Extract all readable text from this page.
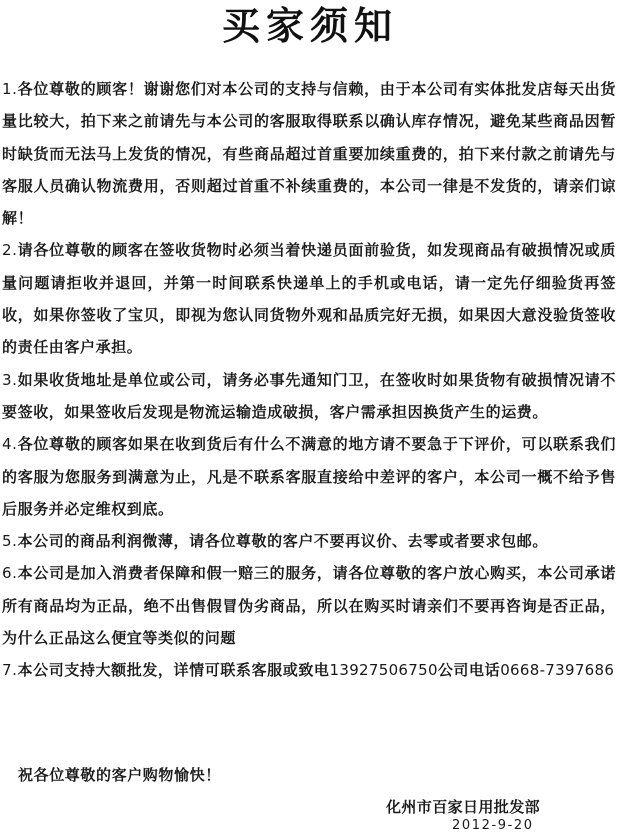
买家须知

1.各位尊敬的顾客！谢谢您们对本公司的支持与信赖，由于本公司有实体批发店每天出货量比较大，拍下来之前请先与本公司的客服取得联系以确认库存情况，避免某些商品因暂时缺货而无法马上发货的情况，有些商品超过首重要加续重费的，拍下来付款之前请先与客服人员确认物流费用，否则超过首重不补续重费的，本公司一律是不发货的，请亲们谅解！

2.请各位尊敬的顾客在签收货物时必须当着快递员面前验货，如发现商品有破损情况或质量问题请拒收并退回，并第一时间联系快递单上的手机或电话，请一定先仔细验货再签收，如果你签收了宝贝，即视为您认同货物外观和品质完好无损，如果因大意没验货签收的责任由客户承担。

3.如果收货地址是单位或公司，请务必事先通知门卫，在签收时如果货物有破损情况请不要签收，如果签收后发现是物流运输造成破损，客户需承担因换货产生的运费。

4.各位尊敬的顾客如果在收到货后有什么不满意的地方请不要急于下评价，可以联系我们的客服为您服务到满意为止，凡是不联系客服直接给中差评的客户，本公司一概不给予售后服务并必定维权到底。

5.本公司的商品利润微薄，请各位尊敬的客户不要再议价、去零或者要求包邮。

6.本公司是加入消费者保障和假一赔三的服务，请各位尊敬的客户放心购买，本公司承诺所有商品均为正品，绝不出售假冒伪劣商品，所以在购买时请亲们不要再咨询是否正品，为什么正品这么便宜等类似的问题

7.本公司支持大额批发，详情可联系客服或致电13927506750公司电话0668-7397686

祝各位尊敬的客户购物愉快！
化州市百家日用批发部
2012-9-20
